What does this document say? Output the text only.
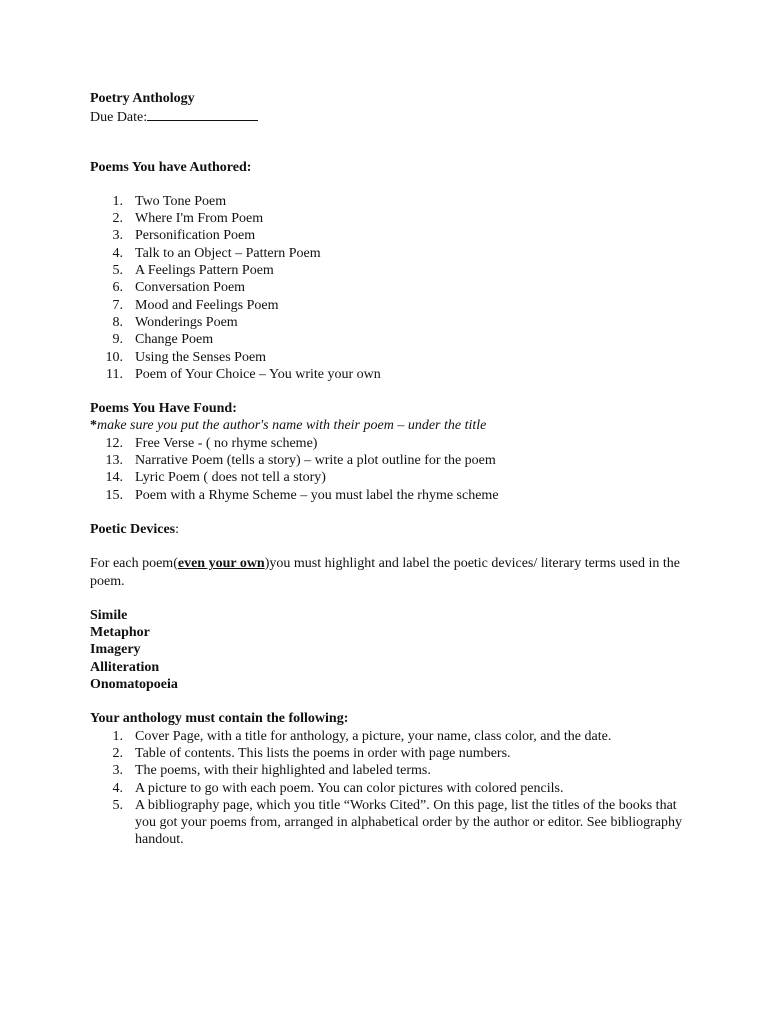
Poetry Anthology
Due Date:
Poems You have Authored:
1. Two Tone Poem
2. Where I'm From Poem
3. Personification Poem
4. Talk to an Object – Pattern Poem
5. A Feelings Pattern Poem
6. Conversation Poem
7. Mood and Feelings Poem
8. Wonderings Poem
9. Change Poem
10. Using the Senses Poem
11. Poem of Your Choice – You write your own
Poems You Have Found:
*make sure you put the author's name with their poem – under the title
12. Free Verse - ( no rhyme scheme)
13. Narrative Poem (tells a story) – write a plot outline for the poem
14. Lyric Poem ( does not tell a story)
15. Poem with a Rhyme Scheme – you must label the rhyme scheme
Poetic Devices:
For each poem(even your own)you must highlight and label the poetic devices/ literary terms used in the poem.
Simile
Metaphor
Imagery
Alliteration
Onomatopoeia
Your anthology must contain the following:
1. Cover Page, with a title for anthology, a picture, your name, class color, and the date.
2. Table of contents. This lists the poems in order with page numbers.
3. The poems, with their highlighted and labeled terms.
4. A picture to go with each poem. You can color pictures with colored pencils.
5. A bibliography page, which you title “Works Cited”. On this page, list the titles of the books that you got your poems from, arranged in alphabetical order by the author or editor. See bibliography handout.
